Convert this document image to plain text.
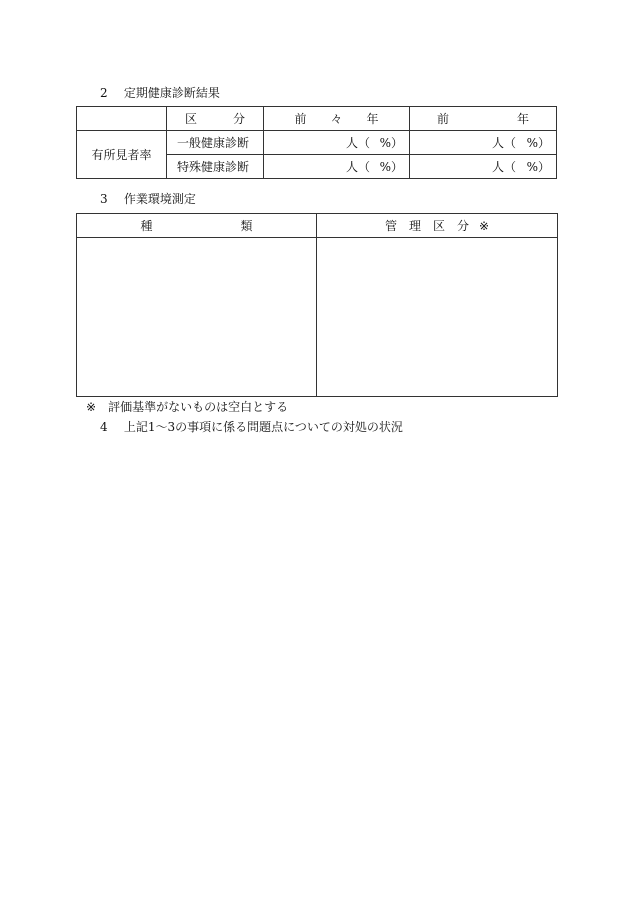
2 定期健康診断結果
	区　分	前　々　年	前　　年
有所見者率	一般健康診断	人（ %）	人（ %）

	特殊健康診断	人（ %）	人（ %）
3 作業環境測定
種　類	管理区分 ※

※ 評価基準がないものは空白とする
4 上記1〜3の事項に係る問題点についての対処の状況
